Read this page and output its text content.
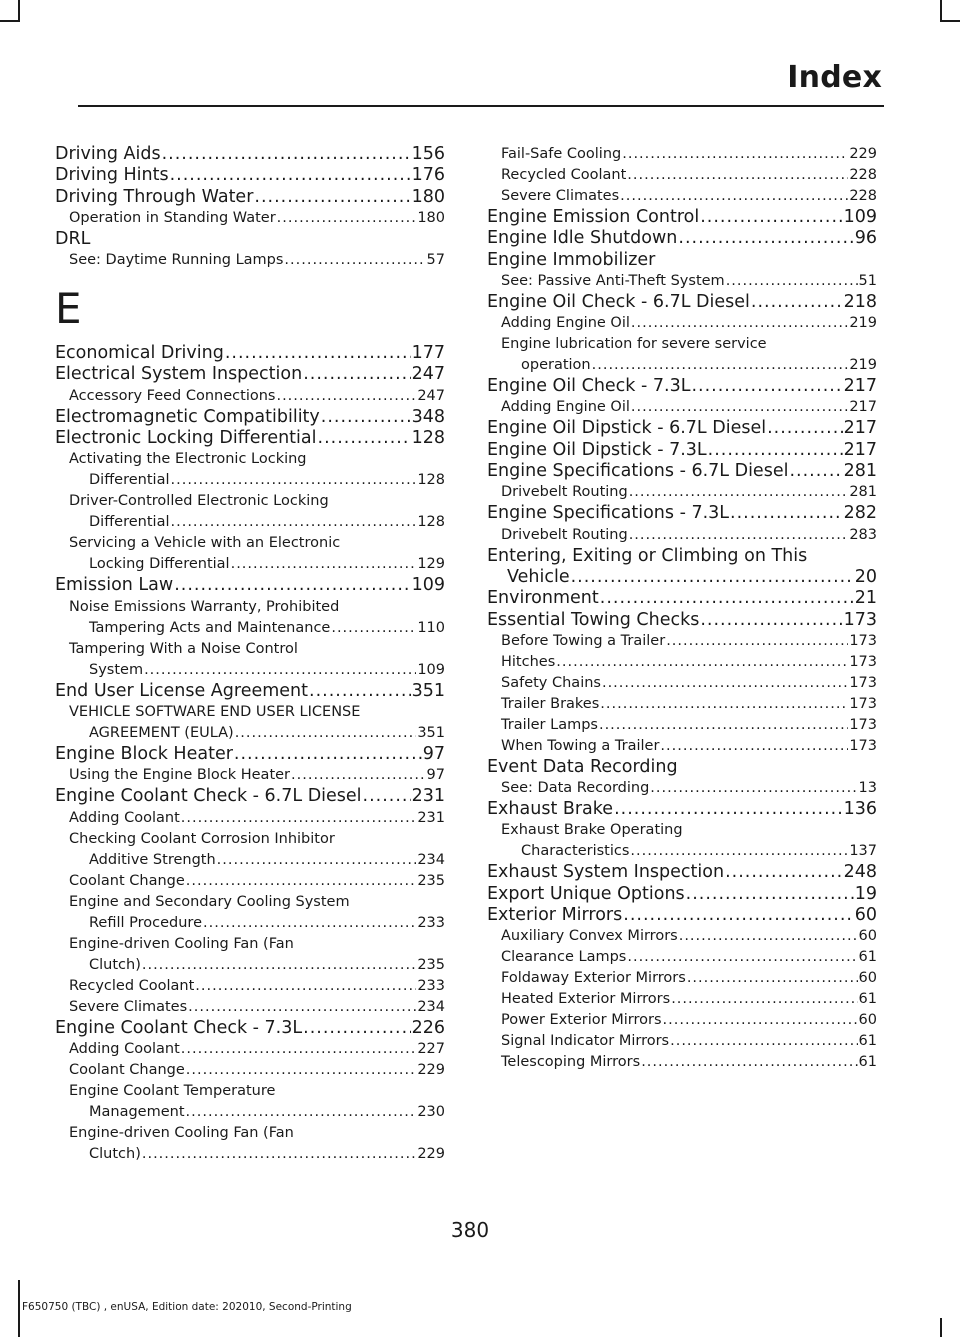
Index
Driving Aids .....	156
Driving Hints .....	176
Driving Through Water .....	180
Operation in Standing Water .....	180
DRL
See: Daytime Running Lamps .....	57
E
Economical Driving .....	177
Electrical System Inspection .....	247
Accessory Feed Connections .....	247
Electromagnetic Compatibility .....	348
Electronic Locking Differential .....	128
Activating the Electronic Locking
Differential .....	128
Driver-Controlled Electronic Locking
Differential .....	128
Servicing a Vehicle with an Electronic
Locking Differential .....	129
Emission Law .....	109
Noise Emissions Warranty, Prohibited
Tampering Acts and Maintenance .....	110
Tampering With a Noise Control
System .....	109
End User License Agreement .....	351
VEHICLE SOFTWARE END USER LICENSE
AGREEMENT (EULA) .....	351
Engine Block Heater .....	97
Using the Engine Block Heater .....	97
Engine Coolant Check - 6.7L Diesel .....	231
Adding Coolant .....	231
Checking Coolant Corrosion Inhibitor
Additive Strength .....	234
Coolant Change .....	235
Engine and Secondary Cooling System
Refill Procedure .....	233
Engine-driven Cooling Fan (Fan
Clutch) .....	235
Recycled Coolant .....	233
Severe Climates .....	234
Engine Coolant Check - 7.3L .....	226
Adding Coolant .....	227
Coolant Change .....	229
Engine Coolant Temperature
Management .....	230
Engine-driven Cooling Fan (Fan
Clutch) .....	229
Fail-Safe Cooling .....	229
Recycled Coolant .....	228
Severe Climates .....	228
Engine Emission Control .....	109
Engine Idle Shutdown .....	96
Engine Immobilizer
See: Passive Anti-Theft System .....	51
Engine Oil Check - 6.7L Diesel .....	218
Adding Engine Oil .....	219
Engine lubrication for severe service
operation .....	219
Engine Oil Check - 7.3L .....	217
Adding Engine Oil .....	217
Engine Oil Dipstick - 6.7L Diesel .....	217
Engine Oil Dipstick - 7.3L .....	217
Engine Specifications - 6.7L Diesel .....	281
Drivebelt Routing .....	281
Engine Specifications - 7.3L .....	282
Drivebelt Routing .....	283
Entering, Exiting or Climbing on This
Vehicle .....	20
Environment .....	21
Essential Towing Checks .....	173
Before Towing a Trailer .....	173
Hitches .....	173
Safety Chains .....	173
Trailer Brakes .....	173
Trailer Lamps .....	173
When Towing a Trailer .....	173
Event Data Recording
See: Data Recording .....	13
Exhaust Brake .....	136
Exhaust Brake Operating
Characteristics .....	137
Exhaust System Inspection .....	248
Export Unique Options .....	19
Exterior Mirrors .....	60
Auxiliary Convex Mirrors .....	60
Clearance Lamps .....	61
Foldaway Exterior Mirrors .....	60
Heated Exterior Mirrors .....	61
Power Exterior Mirrors .....	60
Signal Indicator Mirrors .....	61
Telescoping Mirrors .....	61
380
F650750 (TBC) , enUSA, Edition date: 202010, Second-Printing
